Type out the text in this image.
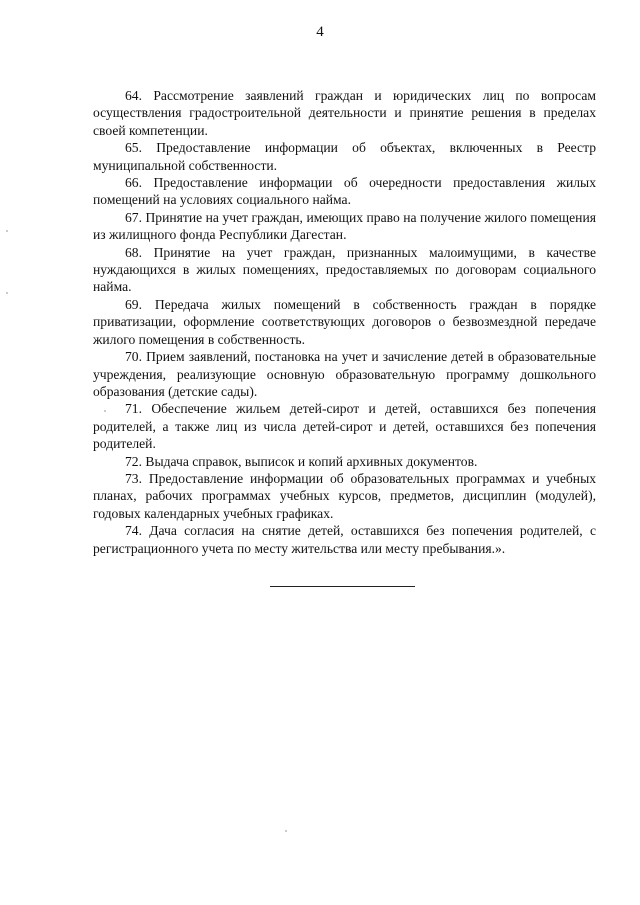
4

64. Рассмотрение заявлений граждан и юридических лиц по вопросам осуществления градостроительной деятельности и принятие решения в пределах своей компетенции.

65. Предоставление информации об объектах, включенных в Реестр муниципальной собственности.

66. Предоставление информации об очередности предоставления жилых помещений на условиях социального найма.

67. Принятие на учет граждан, имеющих право на получение жилого помещения из жилищного фонда Республики Дагестан.

68. Принятие на учет граждан, признанных малоимущими, в качестве нуждающихся в жилых помещениях, предоставляемых по договорам социального найма.

69. Передача жилых помещений в собственность граждан в порядке приватизации, оформление соответствующих договоров о безвозмездной передаче жилого помещения в собственность.

70. Прием заявлений, постановка на учет и зачисление детей в образовательные учреждения, реализующие основную образовательную программу дошкольного образования (детские сады).

71. Обеспечение жильем детей-сирот и детей, оставшихся без попечения родителей, а также лиц из числа детей-сирот и детей, оставшихся без попечения родителей.

72. Выдача справок, выписок и копий архивных документов.

73. Предоставление информации об образовательных программах и учебных планах, рабочих программах учебных курсов, предметов, дисциплин (модулей), годовых календарных учебных графиках.

74. Дача согласия на снятие детей, оставшихся без попечения родителей, с регистрационного учета по месту жительства или месту пребывания.».
